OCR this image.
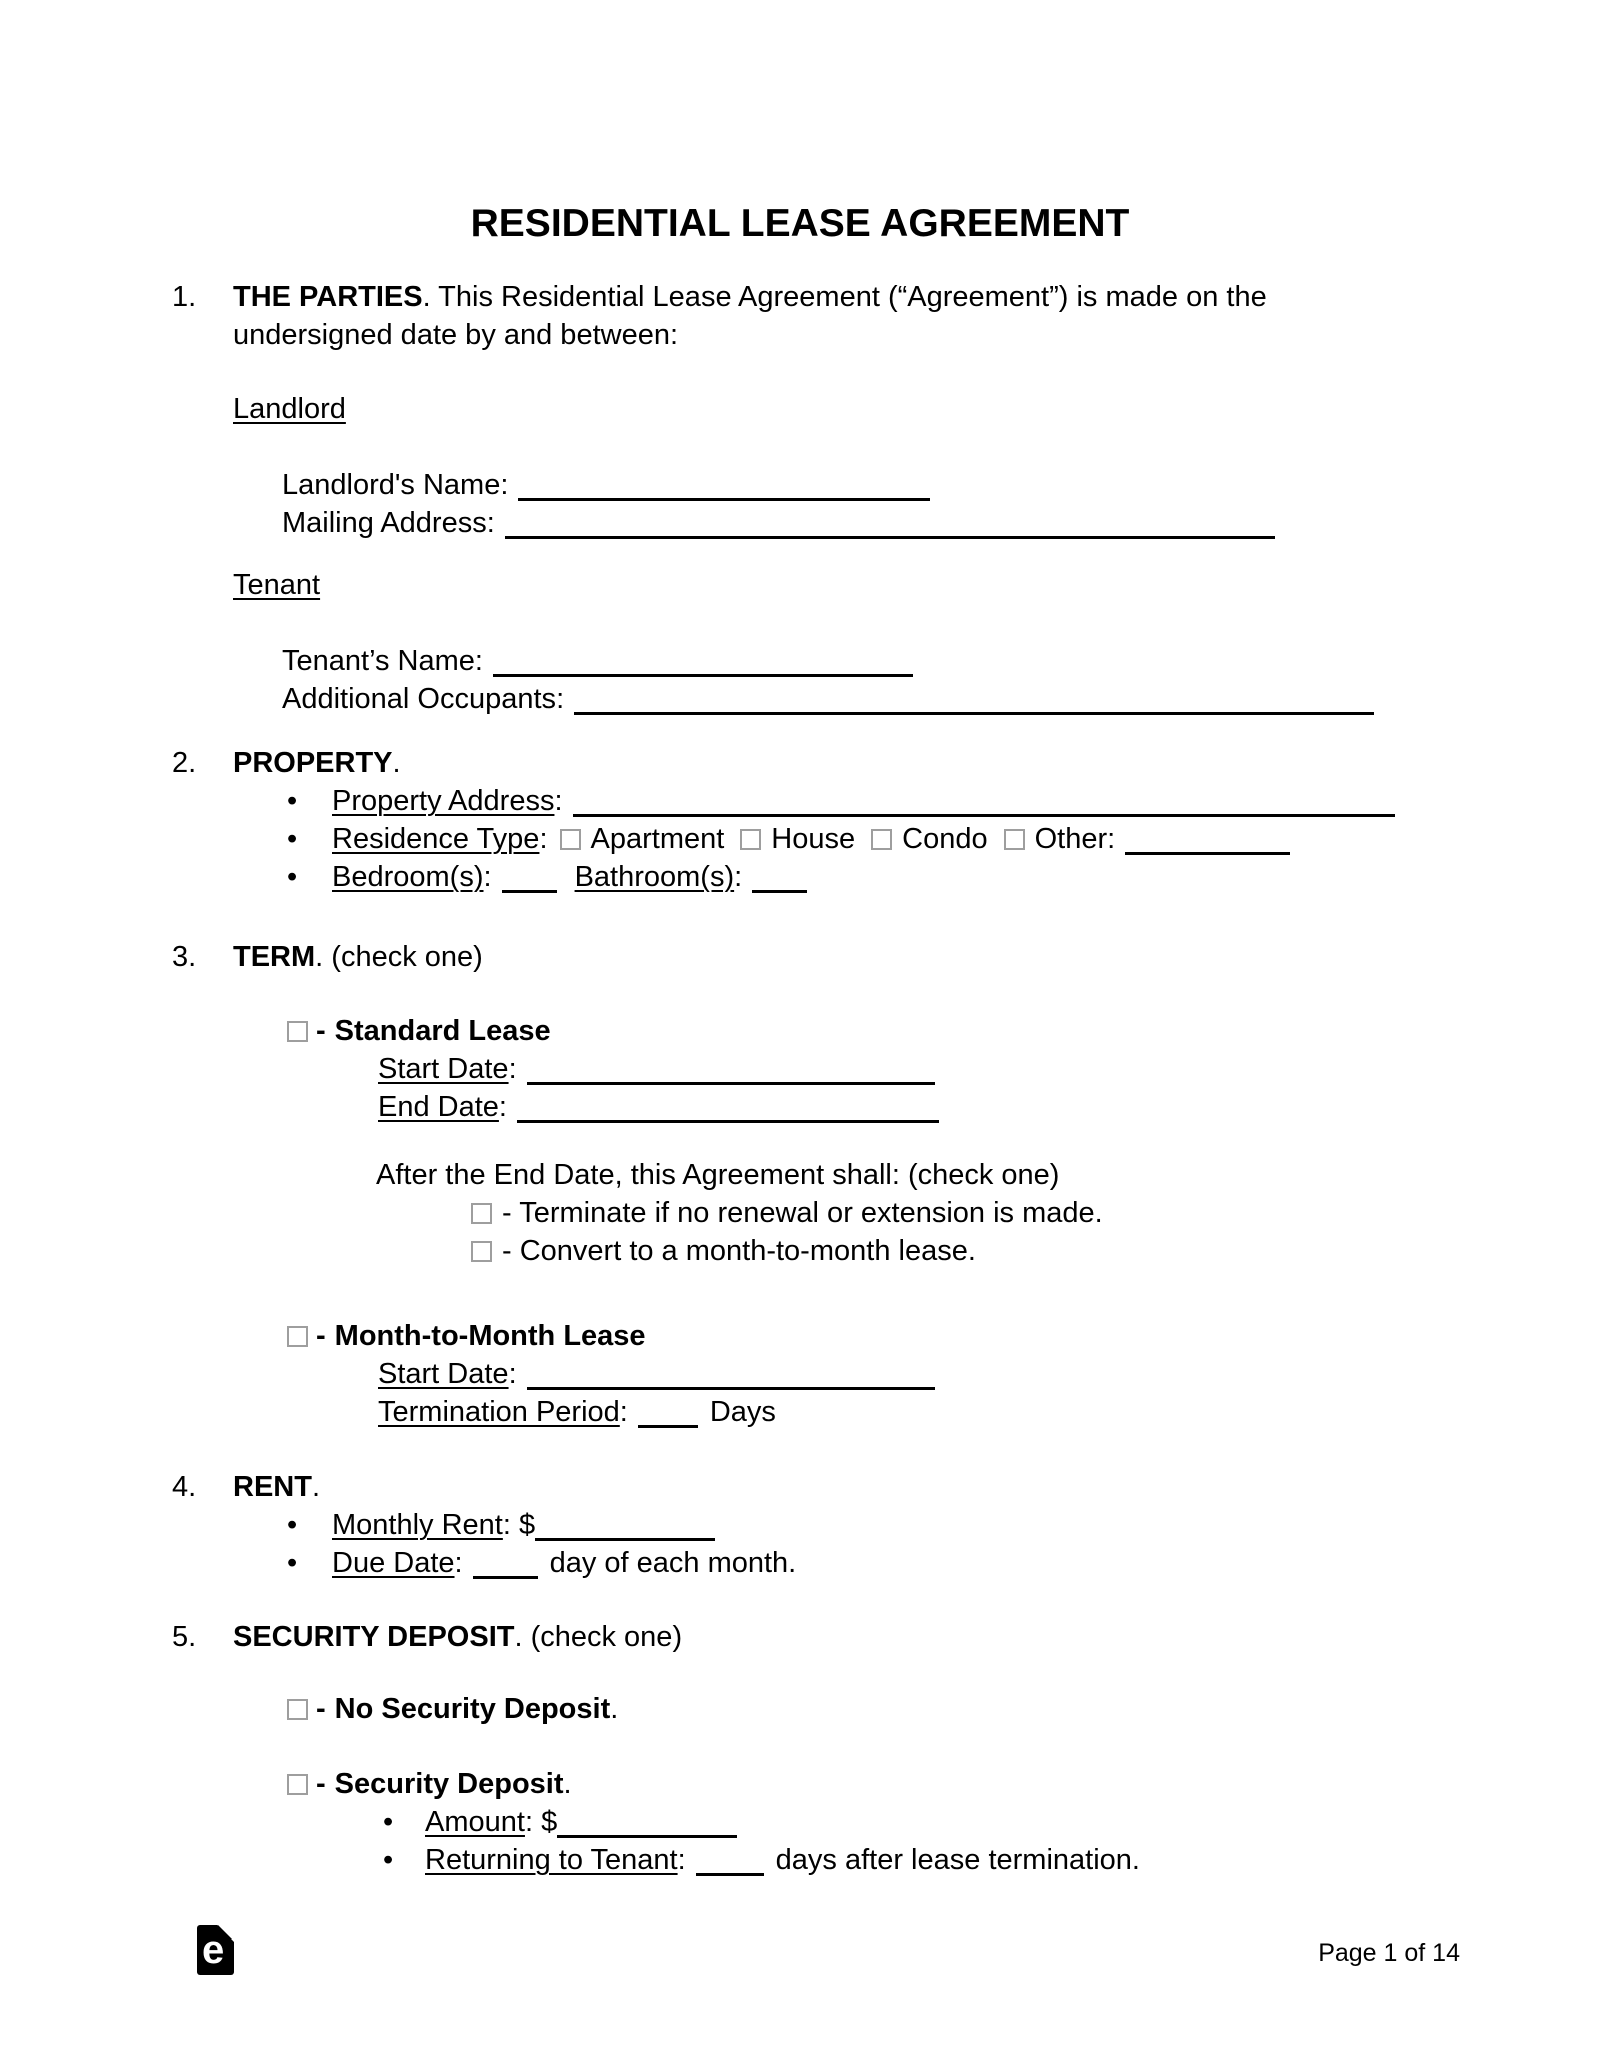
RESIDENTIAL LEASE AGREEMENT
1. THE PARTIES. This Residential Lease Agreement (“Agreement”) is made on the undersigned date by and between:
Landlord
Landlord's Name:
Mailing Address:
Tenant
Tenant’s Name:
Additional Occupants:
2. PROPERTY.
• Property Address:
• Residence Type: Apartment House Condo Other:
• Bedroom(s):	Bathroom(s):
3. TERM. (check one)
- Standard Lease
Start Date:
End Date:
After the End Date, this Agreement shall: (check one)
- Terminate if no renewal or extension is made.
- Convert to a month-to-month lease.
- Month-to-Month Lease
Start Date:
Termination Period:	Days
4. RENT.
• Monthly Rent: $
• Due Date:	day of each month.
5. SECURITY DEPOSIT. (check one)
- No Security Deposit.
- Security Deposit.
• Amount: $
• Returning to Tenant:	days after lease termination.
e	Page 1 of 14
